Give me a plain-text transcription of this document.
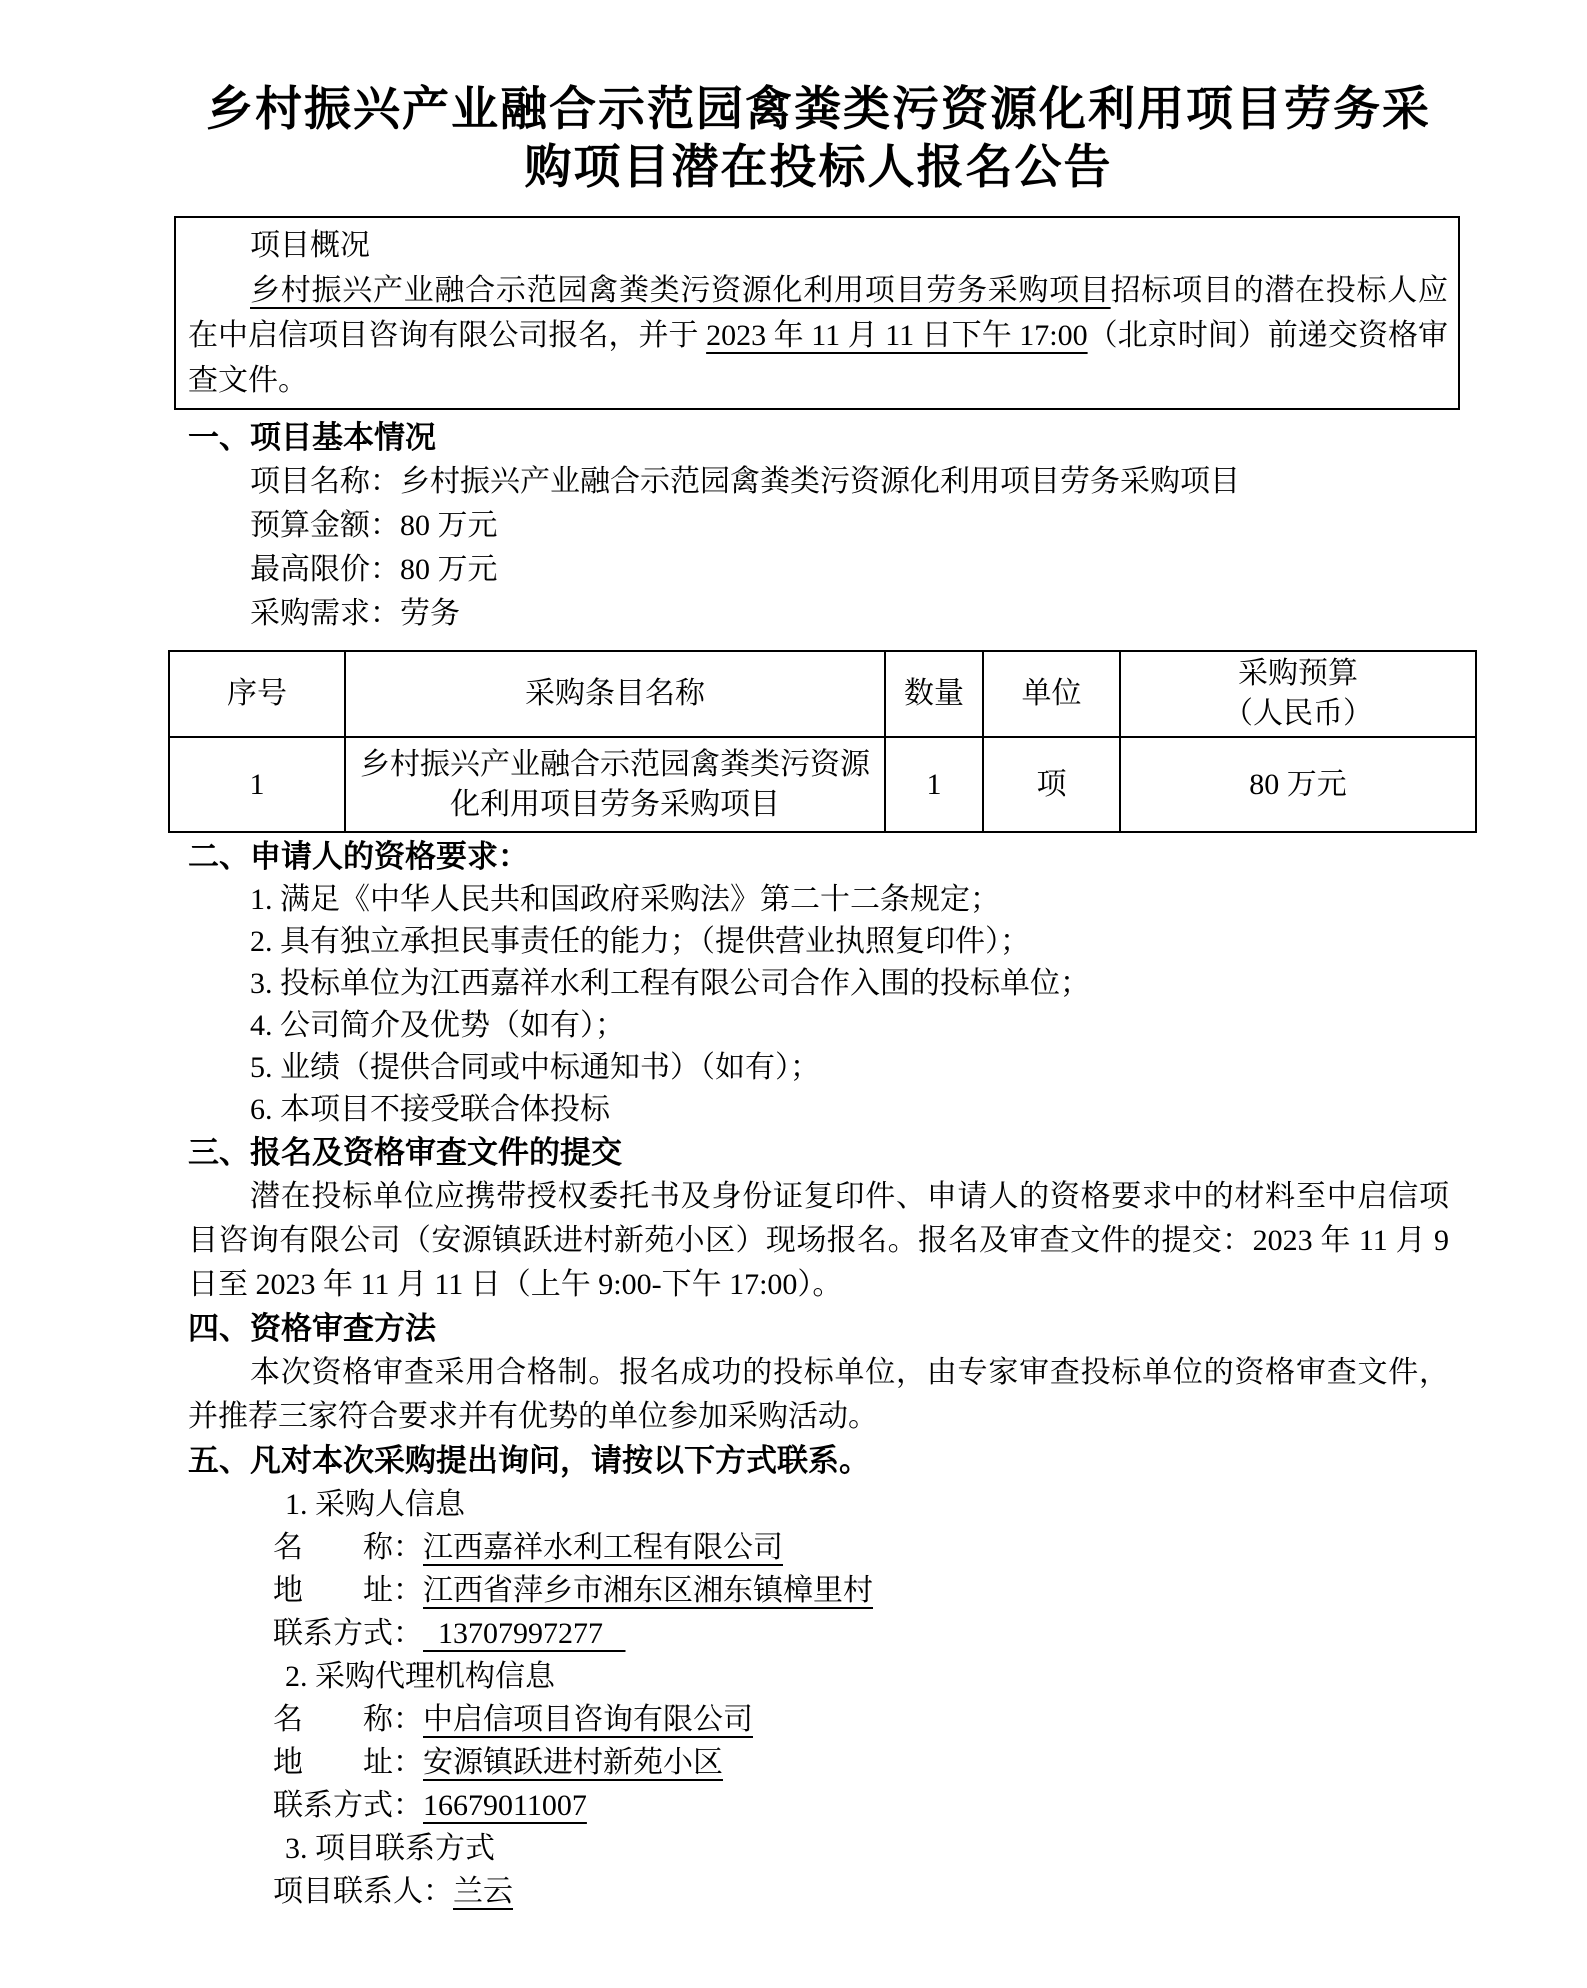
乡村振兴产业融合示范园禽粪类污资源化利用项目劳务采
购项目潜在投标人报名公告
项目概况
乡村振兴产业融合示范园禽粪类污资源化利用项目劳务采购项目招标项目的潜在投标人应在中启信项目咨询有限公司报名，并于 2023 年 11 月 11 日下午 17:00（北京时间）前递交资格审查文件。
一、项目基本情况
项目名称：乡村振兴产业融合示范园禽粪类污资源化利用项目劳务采购项目
预算金额：80 万元
最高限价：80 万元
采购需求：劳务
序号	采购条目名称	数量	单位	采购预算
（人民币）

1	乡村振兴产业融合示范园禽粪类污资源化利用项目劳务采购项目	1	项	80 万元
二、申请人的资格要求：
1. 满足《中华人民共和国政府采购法》第二十二条规定；
2. 具有独立承担民事责任的能力；（提供营业执照复印件）；
3. 投标单位为江西嘉祥水利工程有限公司合作入围的投标单位；
4. 公司简介及优势（如有）；
5. 业绩（提供合同或中标通知书）（如有）；
6. 本项目不接受联合体投标
三、报名及资格审查文件的提交
潜在投标单位应携带授权委托书及身份证复印件、申请人的资格要求中的材料至中启信项目咨询有限公司（安源镇跃进村新苑小区）现场报名。报名及审查文件的提交：2023 年 11 月 9 日至 2023 年 11 月 11 日（上午 9:00-下午 17:00）。
四、资格审查方法
本次资格审查采用合格制。报名成功的投标单位，由专家审查投标单位的资格审查文件，并推荐三家符合要求并有优势的单位参加采购活动。
五、凡对本次采购提出询问，请按以下方式联系。
1. 采购人信息
名　　称：江西嘉祥水利工程有限公司
地　　址：江西省萍乡市湘东区湘东镇樟里村
联系方式：  13707997277
2. 采购代理机构信息
名　　称：中启信项目咨询有限公司
地　　址：安源镇跃进村新苑小区
联系方式：16679011007
3. 项目联系方式
项目联系人：兰云
